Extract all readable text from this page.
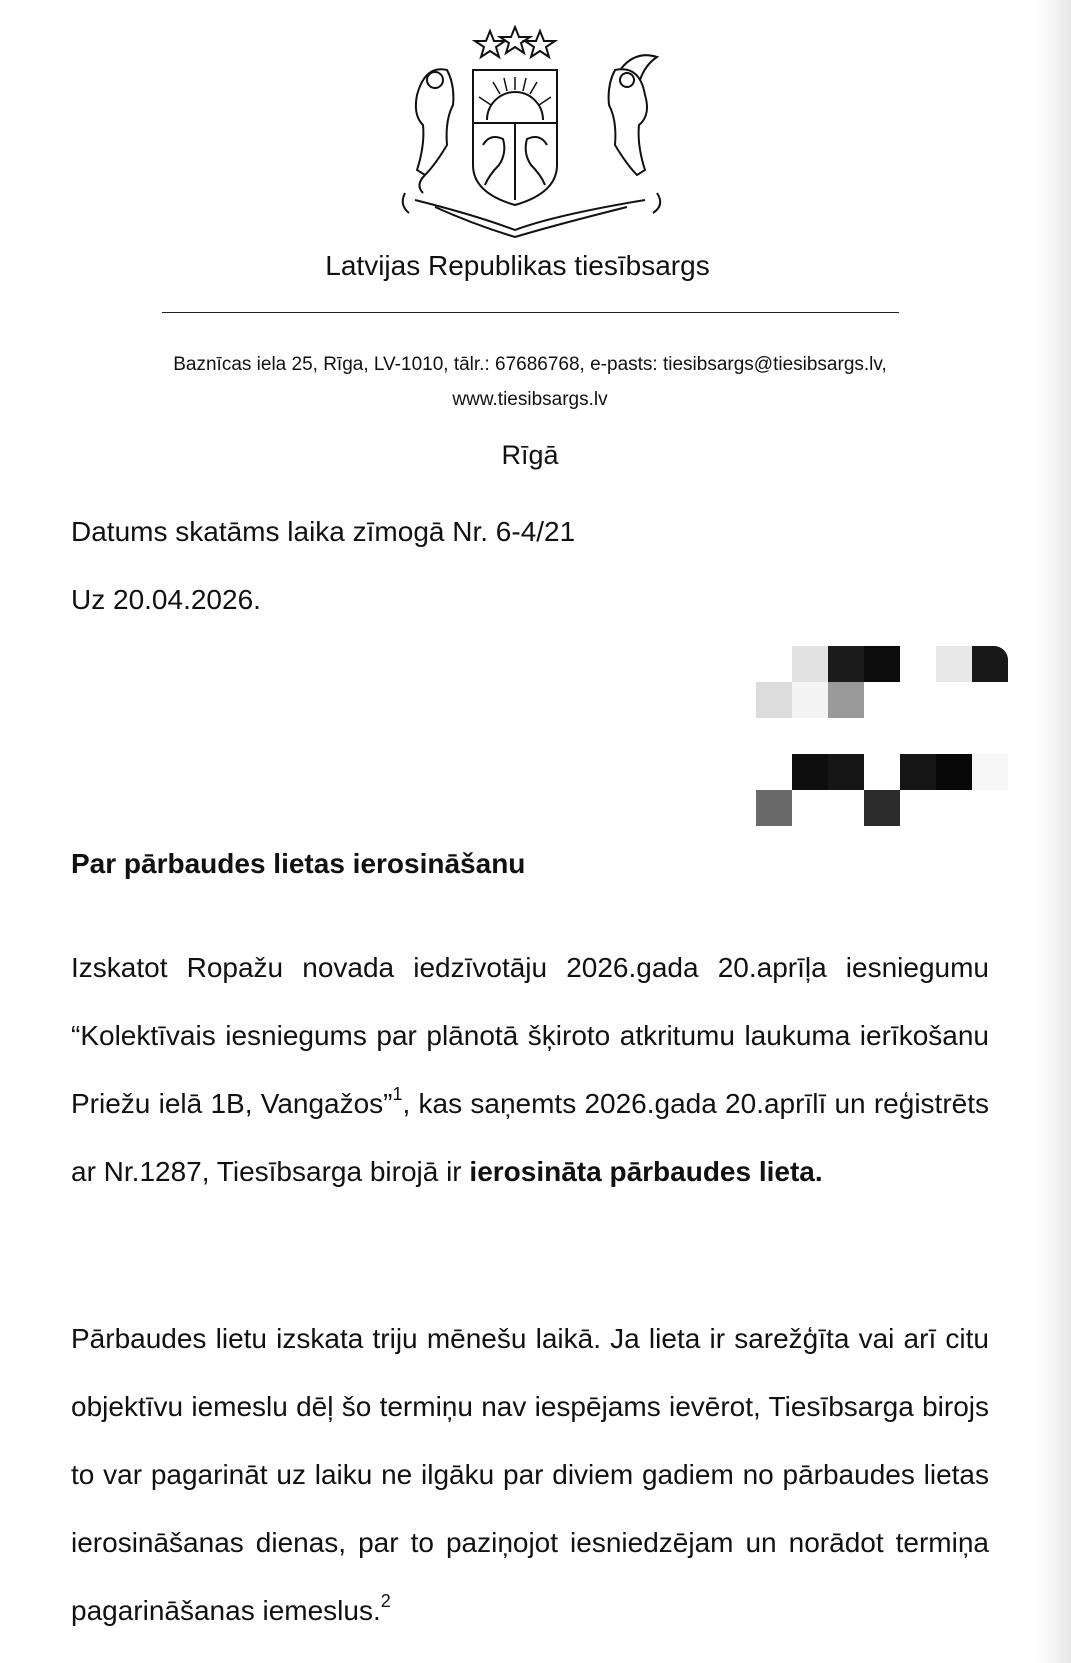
Latvijas Republikas tiesībsargs
Baznīcas iela 25, Rīga, LV-1010, tālr.: 67686768, e-pasts: tiesibsargs@tiesibsargs.lv,
www.tiesibsargs.lv
Rīgā
Datums skatāms laika zīmogā Nr. 6-4/21
Uz 20.04.2026.
Par pārbaudes lietas ierosināšanu

Izskatot Ropažu novada iedzīvotāju 2026.gada 20.aprīļa iesniegumu “Kolektīvais iesniegums par plānotā šķiroto atkritumu laukuma ierīkošanu Priežu ielā 1B, Vangažos”$^1$, kas saņemts 2026.gada 20.aprīlī un reģistrēts ar Nr.1287, Tiesībsarga birojā ir ierosināta pārbaudes lieta.

Pārbaudes lietu izskata triju mēnešu laikā. Ja lieta ir sarežģīta vai arī citu objektīvu iemeslu dēļ šo termiņu nav iespējams ievērot, Tiesībsarga birojs to var pagarināt uz laiku ne ilgāku par diviem gadiem no pārbaudes lietas ierosināšanas dienas, par to paziņojot iesniedzējam un norādot termiņa pagarināšanas iemeslus.$^2$
